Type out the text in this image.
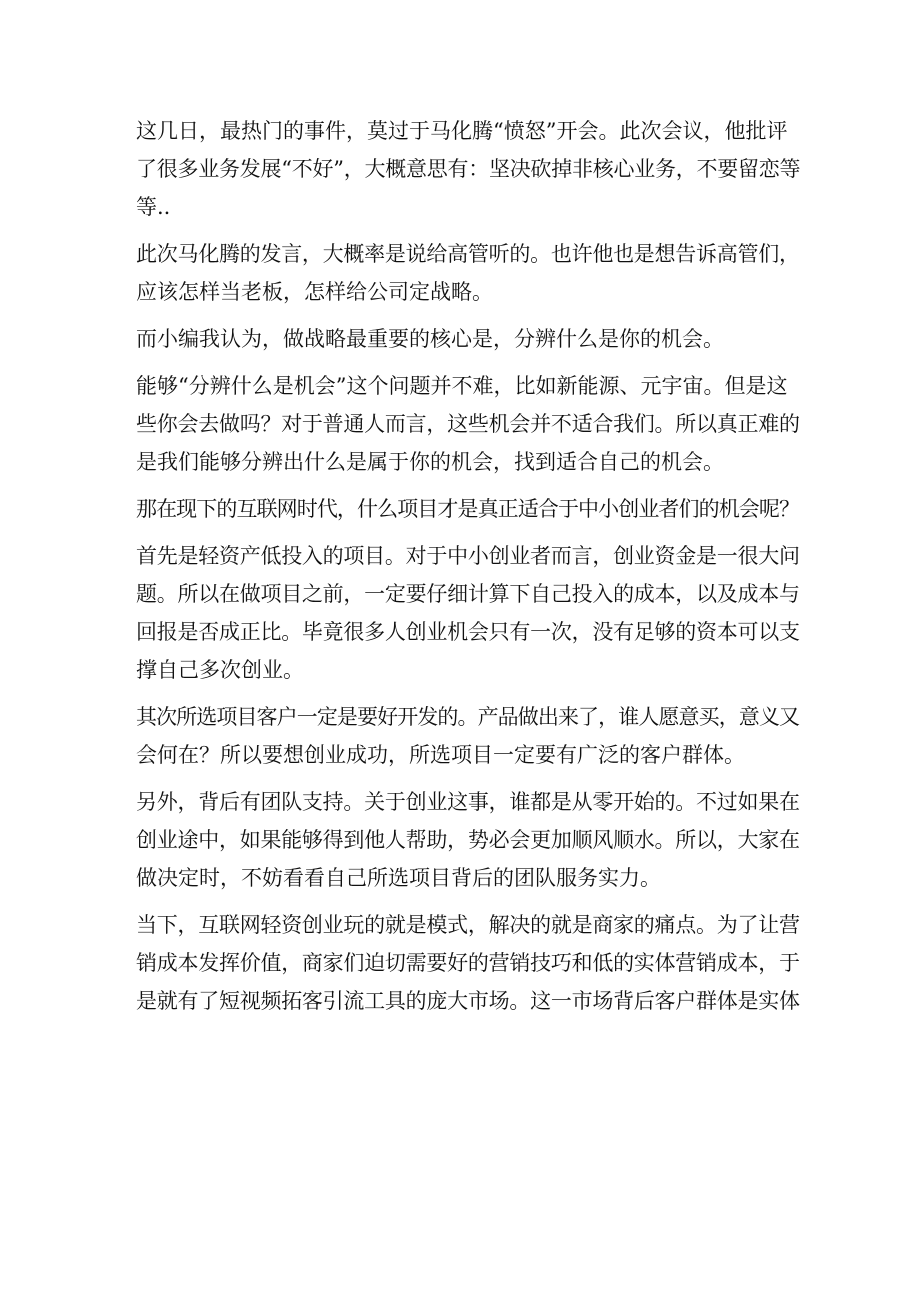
这几日，最热门的事件，莫过于马化腾“愤怒”开会。此次会议，他批评
了很多业务发展“不好”，大概意思有：坚决砍掉非核心业务，不要留恋等
等..
此次马化腾的发言，大概率是说给高管听的。也许他也是想告诉高管们，
应该怎样当老板，怎样给公司定战略。
而小编我认为，做战略最重要的核心是，分辨什么是你的机会。
能够“分辨什么是机会”这个问题并不难，比如新能源、元宇宙。但是这
些你会去做吗？对于普通人而言，这些机会并不适合我们。所以真正难的
是我们能够分辨出什么是属于你的机会，找到适合自己的机会。
那在现下的互联网时代，什么项目才是真正适合于中小创业者们的机会呢？
首先是轻资产低投入的项目。对于中小创业者而言，创业资金是一很大问
题。所以在做项目之前，一定要仔细计算下自己投入的成本，以及成本与
回报是否成正比。毕竟很多人创业机会只有一次，没有足够的资本可以支
撑自己多次创业。
其次所选项目客户一定是要好开发的。产品做出来了，谁人愿意买，意义又
会何在？所以要想创业成功，所选项目一定要有广泛的客户群体。
另外，背后有团队支持。关于创业这事，谁都是从零开始的。不过如果在
创业途中，如果能够得到他人帮助，势必会更加顺风顺水。所以，大家在
做决定时，不妨看看自己所选项目背后的团队服务实力。
当下，互联网轻资创业玩的就是模式，解决的就是商家的痛点。为了让营
销成本发挥价值，商家们迫切需要好的营销技巧和低的实体营销成本，于
是就有了短视频拓客引流工具的庞大市场。这一市场背后客户群体是实体
